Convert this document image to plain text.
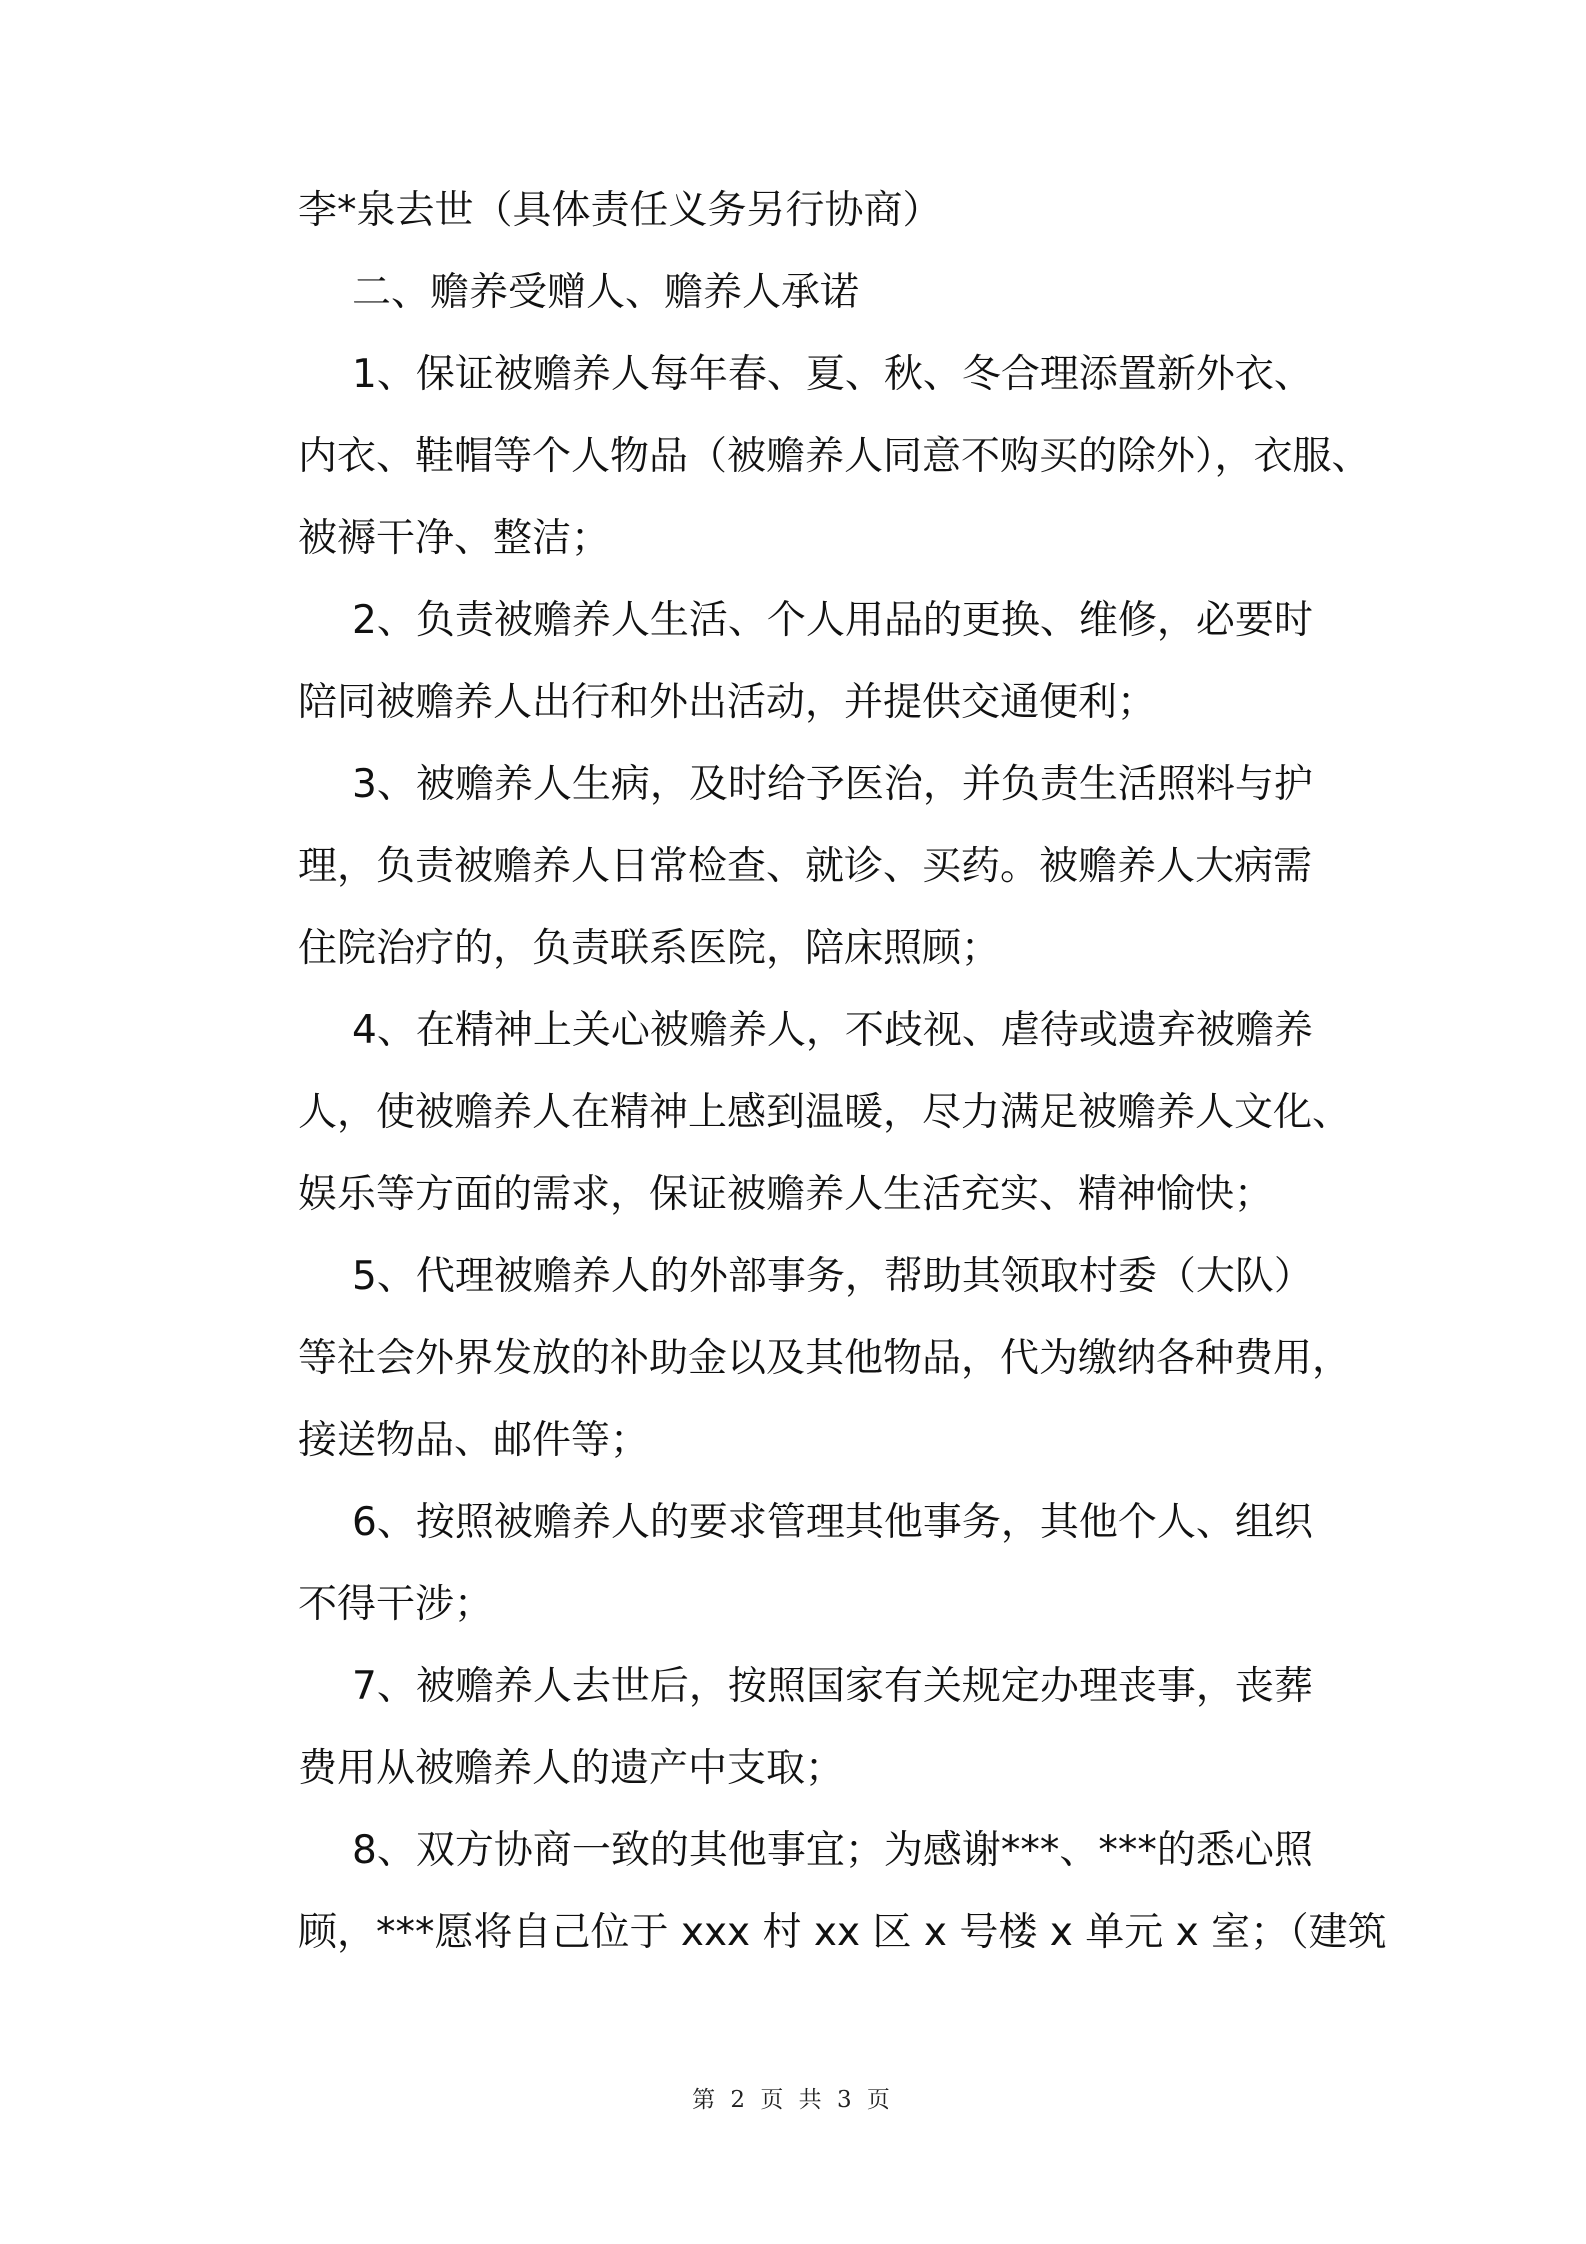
李*泉去世（具体责任义务另行协商）
二、赡养受赠人、赡养人承诺
1、保证被赡养人每年春、夏、秋、冬合理添置新外衣、
内衣、鞋帽等个人物品（被赡养人同意不购买的除外），衣服、
被褥干净、整洁；
2、负责被赡养人生活、个人用品的更换、维修，必要时
陪同被赡养人出行和外出活动，并提供交通便利；
3、被赡养人生病，及时给予医治，并负责生活照料与护
理，负责被赡养人日常检查、就诊、买药。被赡养人大病需
住院治疗的，负责联系医院，陪床照顾；
4、在精神上关心被赡养人，不歧视、虐待或遗弃被赡养
人，使被赡养人在精神上感到温暖，尽力满足被赡养人文化、
娱乐等方面的需求，保证被赡养人生活充实、精神愉快；
5、代理被赡养人的外部事务，帮助其领取村委（大队）
等社会外界发放的补助金以及其他物品，代为缴纳各种费用，
接送物品、邮件等；
6、按照被赡养人的要求管理其他事务，其他个人、组织
不得干涉；
7、被赡养人去世后，按照国家有关规定办理丧事，丧葬
费用从被赡养人的遗产中支取；
8、双方协商一致的其他事宜；为感谢***、***的悉心照
顾，***愿将自己位于 xxx 村 xx 区 x 号楼 x 单元 x 室；（建筑
第 2 页 共 3 页
